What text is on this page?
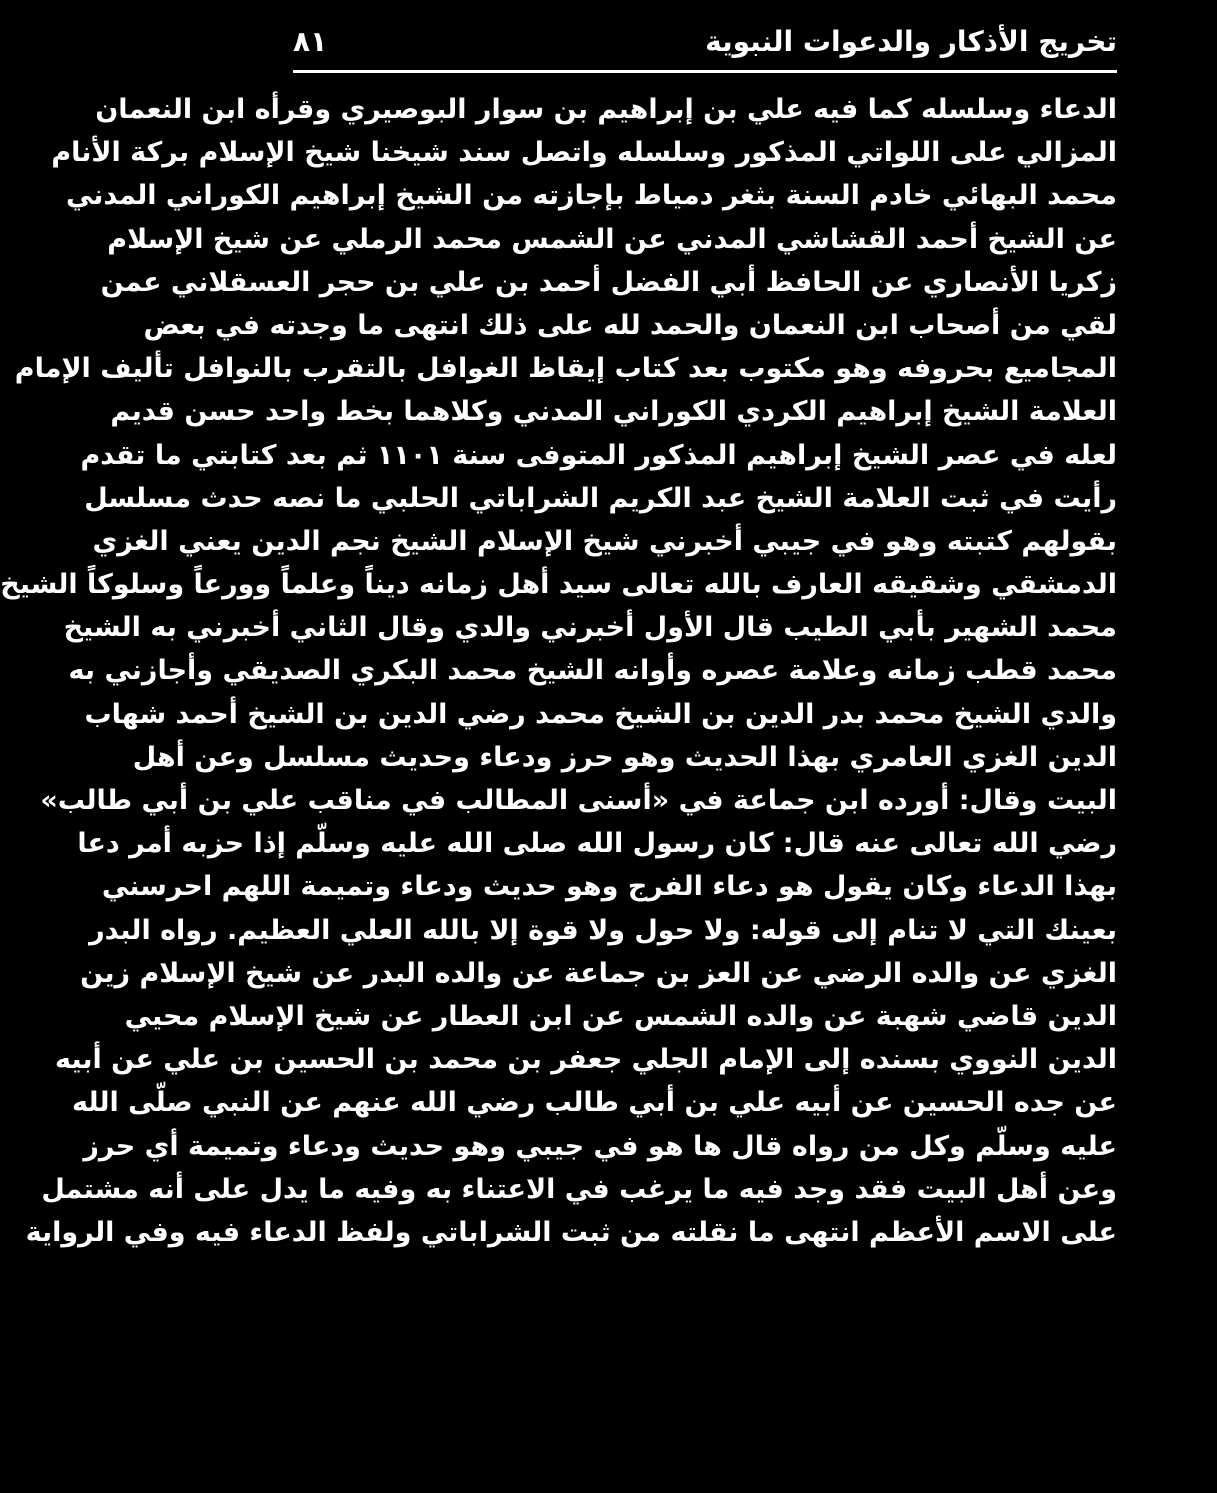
تخريج الأذكار والدعوات النبوية
٨١
الدعاء وسلسله كما فيه علي بن إبراهيم بن سوار البوصيري وقرأه ابن النعمان
المزالي على اللواتي المذكور وسلسله واتصل سند شيخنا شيخ الإسلام بركة الأنام
محمد البهائي خادم السنة بثغر دمياط بإجازته من الشيخ إبراهيم الكوراني المدني
عن الشيخ أحمد القشاشي المدني عن الشمس محمد الرملي عن شيخ الإسلام
زكريا الأنصاري عن الحافظ أبي الفضل أحمد بن علي بن حجر العسقلاني عمن
لقي من أصحاب ابن النعمان والحمد لله على ذلك انتهى ما وجدته في بعض
المجاميع بحروفه وهو مكتوب بعد كتاب إيقاظ الغوافل بالتقرب بالنوافل تأليف الإمام
العلامة الشيخ إبراهيم الكردي الكوراني المدني وكلاهما بخط واحد حسن قديم
لعله في عصر الشيخ إبراهيم المذكور المتوفى سنة ١١٠١ ثم بعد كتابتي ما تقدم
رأيت في ثبت العلامة الشيخ عبد الكريم الشراباتي الحلبي ما نصه حدث مسلسل
بقولهم كتبته وهو في جيبي أخبرني شيخ الإسلام الشيخ نجم الدين يعني الغزي
الدمشقي وشقيقه العارف بالله تعالى سيد أهل زمانه ديناً وعلماً وورعاً وسلوكاً الشيخ
محمد الشهير بأبي الطيب قال الأول أخبرني والدي وقال الثاني أخبرني به الشيخ
محمد قطب زمانه وعلامة عصره وأوانه الشيخ محمد البكري الصديقي وأجازني به
والدي الشيخ محمد بدر الدين بن الشيخ محمد رضي الدين بن الشيخ أحمد شهاب
الدين الغزي العامري بهذا الحديث وهو حرز ودعاء وحديث مسلسل وعن أهل
البيت وقال: أورده ابن جماعة في «أسنى المطالب في مناقب علي بن أبي طالب»
رضي الله تعالى عنه قال: كان رسول الله صلى الله عليه وسلّم إذا حزبه أمر دعا
بهذا الدعاء وكان يقول هو دعاء الفرج وهو حديث ودعاء وتميمة اللهم احرسني
بعينك التي لا تنام إلى قوله: ولا حول ولا قوة إلا بالله العلي العظيم. رواه البدر
الغزي عن والده الرضي عن العز بن جماعة عن والده البدر عن شيخ الإسلام زين
الدين قاضي شهبة عن والده الشمس عن ابن العطار عن شيخ الإسلام محيي
الدين النووي بسنده إلى الإمام الجلي جعفر بن محمد بن الحسين بن علي عن أبيه
عن جده الحسين عن أبيه علي بن أبي طالب رضي الله عنهم عن النبي صلّى الله
عليه وسلّم وكل من رواه قال ها هو في جيبي وهو حديث ودعاء وتميمة أي حرز
وعن أهل البيت فقد وجد فيه ما يرغب في الاعتناء به وفيه ما يدل على أنه مشتمل
على الاسم الأعظم انتهى ما نقلته من ثبت الشراباتي ولفظ الدعاء فيه وفي الرواية
